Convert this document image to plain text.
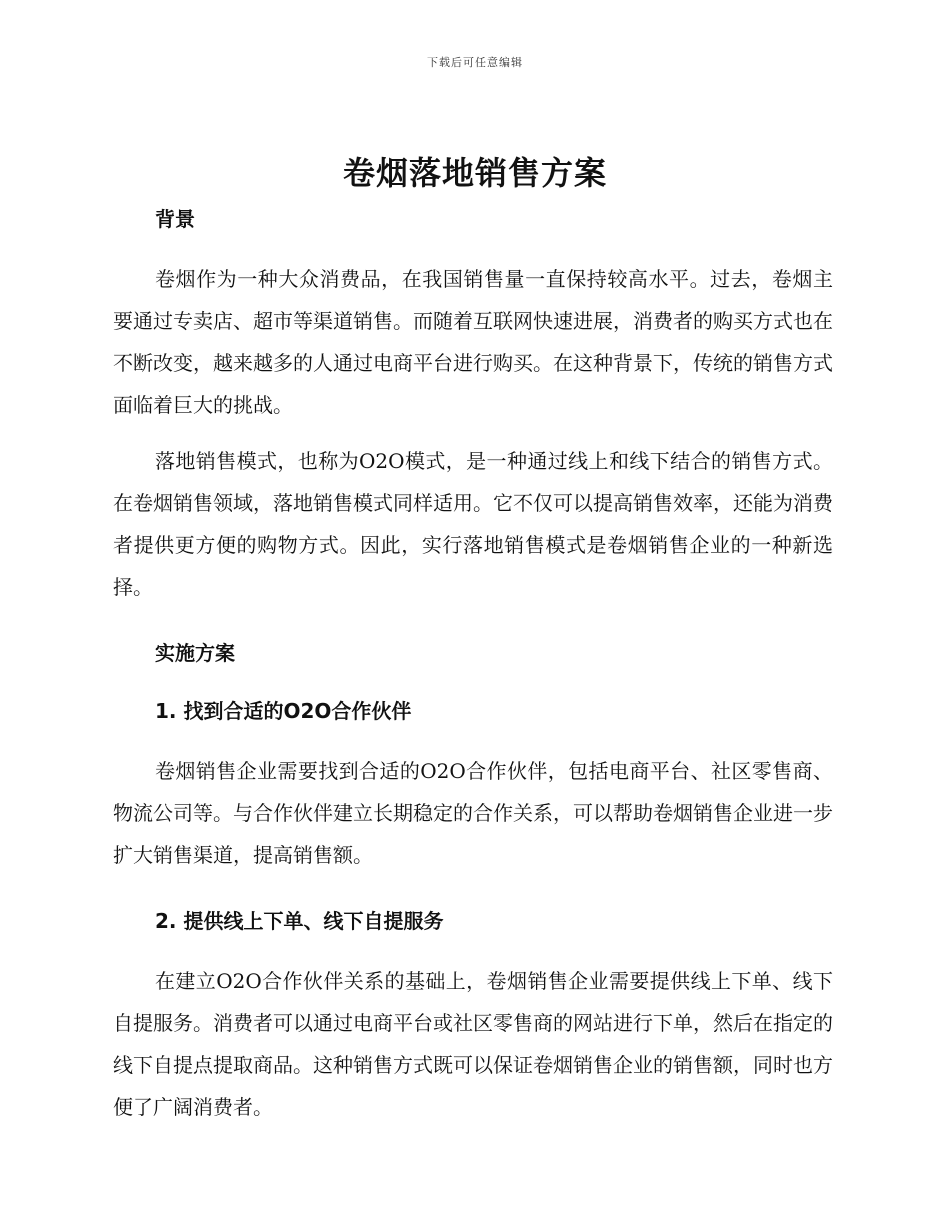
下载后可任意编辑
卷烟落地销售方案

背景

卷烟作为一种大众消费品，在我国销售量一直保持较高水平。过去，卷烟主要通过专卖店、超市等渠道销售。而随着互联网快速进展，消费者的购买方式也在不断改变，越来越多的人通过电商平台进行购买。在这种背景下，传统的销售方式面临着巨大的挑战。

落地销售模式，也称为O2O模式，是一种通过线上和线下结合的销售方式。在卷烟销售领域，落地销售模式同样适用。它不仅可以提高销售效率，还能为消费者提供更方便的购物方式。因此，实行落地销售模式是卷烟销售企业的一种新选择。

实施方案

1. 找到合适的O2O合作伙伴

卷烟销售企业需要找到合适的O2O合作伙伴，包括电商平台、社区零售商、物流公司等。与合作伙伴建立长期稳定的合作关系，可以帮助卷烟销售企业进一步扩大销售渠道，提高销售额。

2. 提供线上下单、线下自提服务

在建立O2O合作伙伴关系的基础上，卷烟销售企业需要提供线上下单、线下自提服务。消费者可以通过电商平台或社区零售商的网站进行下单，然后在指定的线下自提点提取商品。这种销售方式既可以保证卷烟销售企业的销售额，同时也方便了广阔消费者。
